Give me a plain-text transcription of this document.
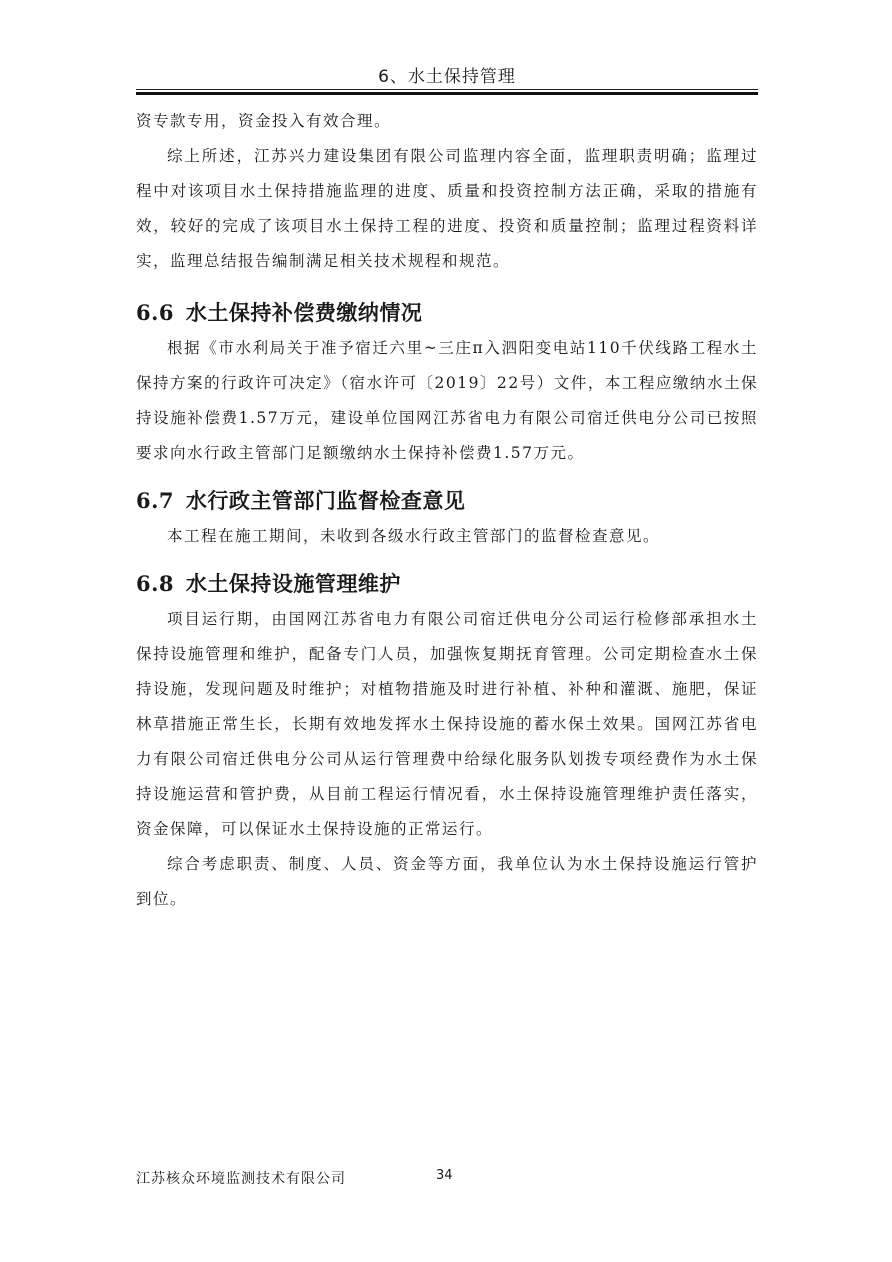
6、水土保持管理

资专款专用，资金投入有效合理。

综上所述，江苏兴力建设集团有限公司监理内容全面，监理职责明确；监理过程中对该项目水土保持措施监理的进度、质量和投资控制方法正确，采取的措施有效，较好的完成了该项目水土保持工程的进度、投资和质量控制；监理过程资料详实，监理总结报告编制满足相关技术规程和规范。

6.6 水土保持补偿费缴纳情况

根据《市水利局关于准予宿迁六里~三庄π入泗阳变电站110千伏线路工程水土保持方案的行政许可决定》（宿水许可〔2019〕22号）文件，本工程应缴纳水土保持设施补偿费1.57万元，建设单位国网江苏省电力有限公司宿迁供电分公司已按照要求向水行政主管部门足额缴纳水土保持补偿费1.57万元。

6.7 水行政主管部门监督检查意见

本工程在施工期间，未收到各级水行政主管部门的监督检查意见。

6.8 水土保持设施管理维护

项目运行期，由国网江苏省电力有限公司宿迁供电分公司运行检修部承担水土保持设施管理和维护，配备专门人员，加强恢复期抚育管理。公司定期检查水土保持设施，发现问题及时维护；对植物措施及时进行补植、补种和灌溉、施肥，保证林草措施正常生长，长期有效地发挥水土保持设施的蓄水保土效果。国网江苏省电力有限公司宿迁供电分公司从运行管理费中给绿化服务队划拨专项经费作为水土保持设施运营和管护费，从目前工程运行情况看，水土保持设施管理维护责任落实，资金保障，可以保证水土保持设施的正常运行。

综合考虑职责、制度、人员、资金等方面，我单位认为水土保持设施运行管护到位。

江苏核众环境监测技术有限公司	34
